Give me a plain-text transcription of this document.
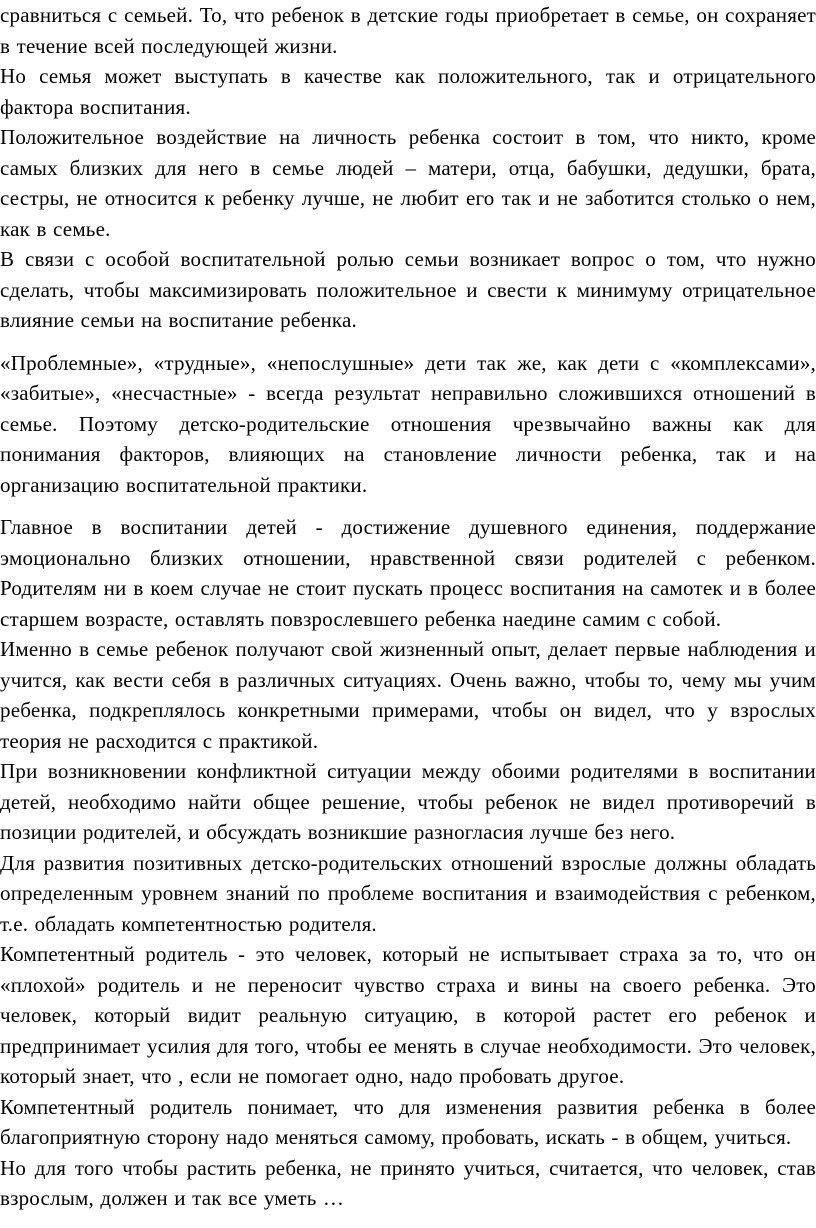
сравниться с семьей. То, что ребенок в детские годы приобретает в семье, он сохраняет в течение всей последующей жизни.

Но семья может выступать в качестве как положительного, так и отрицательного фактора воспитания.

Положительное воздействие на личность ребенка состоит в том, что никто, кроме самых близких для него в семье людей – матери, отца, бабушки, дедушки, брата, сестры, не относится к ребенку лучше, не любит его так и не заботится столько о нем, как в семье.

В связи с особой воспитательной ролью семьи возникает вопрос о том, что нужно сделать, чтобы максимизировать положительное и свести к минимуму отрицательное влияние семьи на воспитание ребенка.

«Проблемные», «трудные», «непослушные» дети так же, как дети с «комплексами», «забитые», «несчастные» - всегда результат неправильно сложившихся отношений в семье. Поэтому детско-родительские отношения чрезвычайно важны как для понимания факторов, влияющих на становление личности ребенка, так и на организацию воспитательной практики.

Главное в воспитании детей - достижение душевного единения, поддержание эмоционально близких отношении, нравственной связи родителей с ребенком. Родителям ни в коем случае не стоит пускать процесс воспитания на самотек и в более старшем возрасте, оставлять повзрослевшего ребенка наедине самим с собой.

Именно в семье ребенок получают свой жизненный опыт, делает первые наблюдения и учится, как вести себя в различных ситуациях. Очень важно, чтобы то, чему мы учим ребенка, подкреплялось конкретными примерами, чтобы он видел, что у взрослых теория не расходится с практикой.

При возникновении конфликтной ситуации между обоими родителями в воспитании детей, необходимо найти общее решение, чтобы ребенок не видел противоречий в позиции родителей, и обсуждать возникшие разногласия лучше без него.

Для развития позитивных детско-родительских отношений взрослые должны обладать определенным уровнем знаний по проблеме воспитания и взаимодействия с ребенком, т.е. обладать компетентностью родителя.

Компетентный родитель - это человек, который не испытывает страха за то, что он «плохой» родитель и не переносит чувство страха и вины на своего ребенка. Это человек, который видит реальную ситуацию, в которой растет его ребенок и предпринимает усилия для того, чтобы ее менять в случае необходимости. Это человек, который знает, что , если не помогает одно, надо пробовать другое.

Компетентный родитель понимает, что для изменения развития ребенка в более благоприятную сторону надо меняться самому, пробовать, искать - в общем, учиться.

Но для того чтобы растить ребенка, не принято учиться, считается, что человек, став взрослым, должен и так все уметь …
